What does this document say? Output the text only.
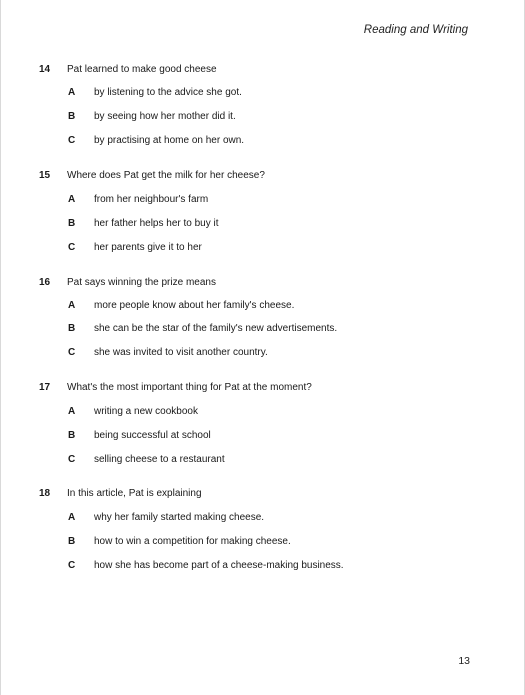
Reading and Writing
14	Pat learned to make good cheese
A by listening to the advice she got.
B by seeing how her mother did it.
C by practising at home on her own.
15	Where does Pat get the milk for her cheese?
A from her neighbour's farm
B her father helps her to buy it
C her parents give it to her
16	Pat says winning the prize means
A more people know about her family's cheese.
B she can be the star of the family's new advertisements.
C she was invited to visit another country.
17	What's the most important thing for Pat at the moment?
A writing a new cookbook
B being successful at school
C selling cheese to a restaurant
18	In this article, Pat is explaining
A why her family started making cheese.
B how to win a competition for making cheese.
C how she has become part of a cheese-making business.
13
